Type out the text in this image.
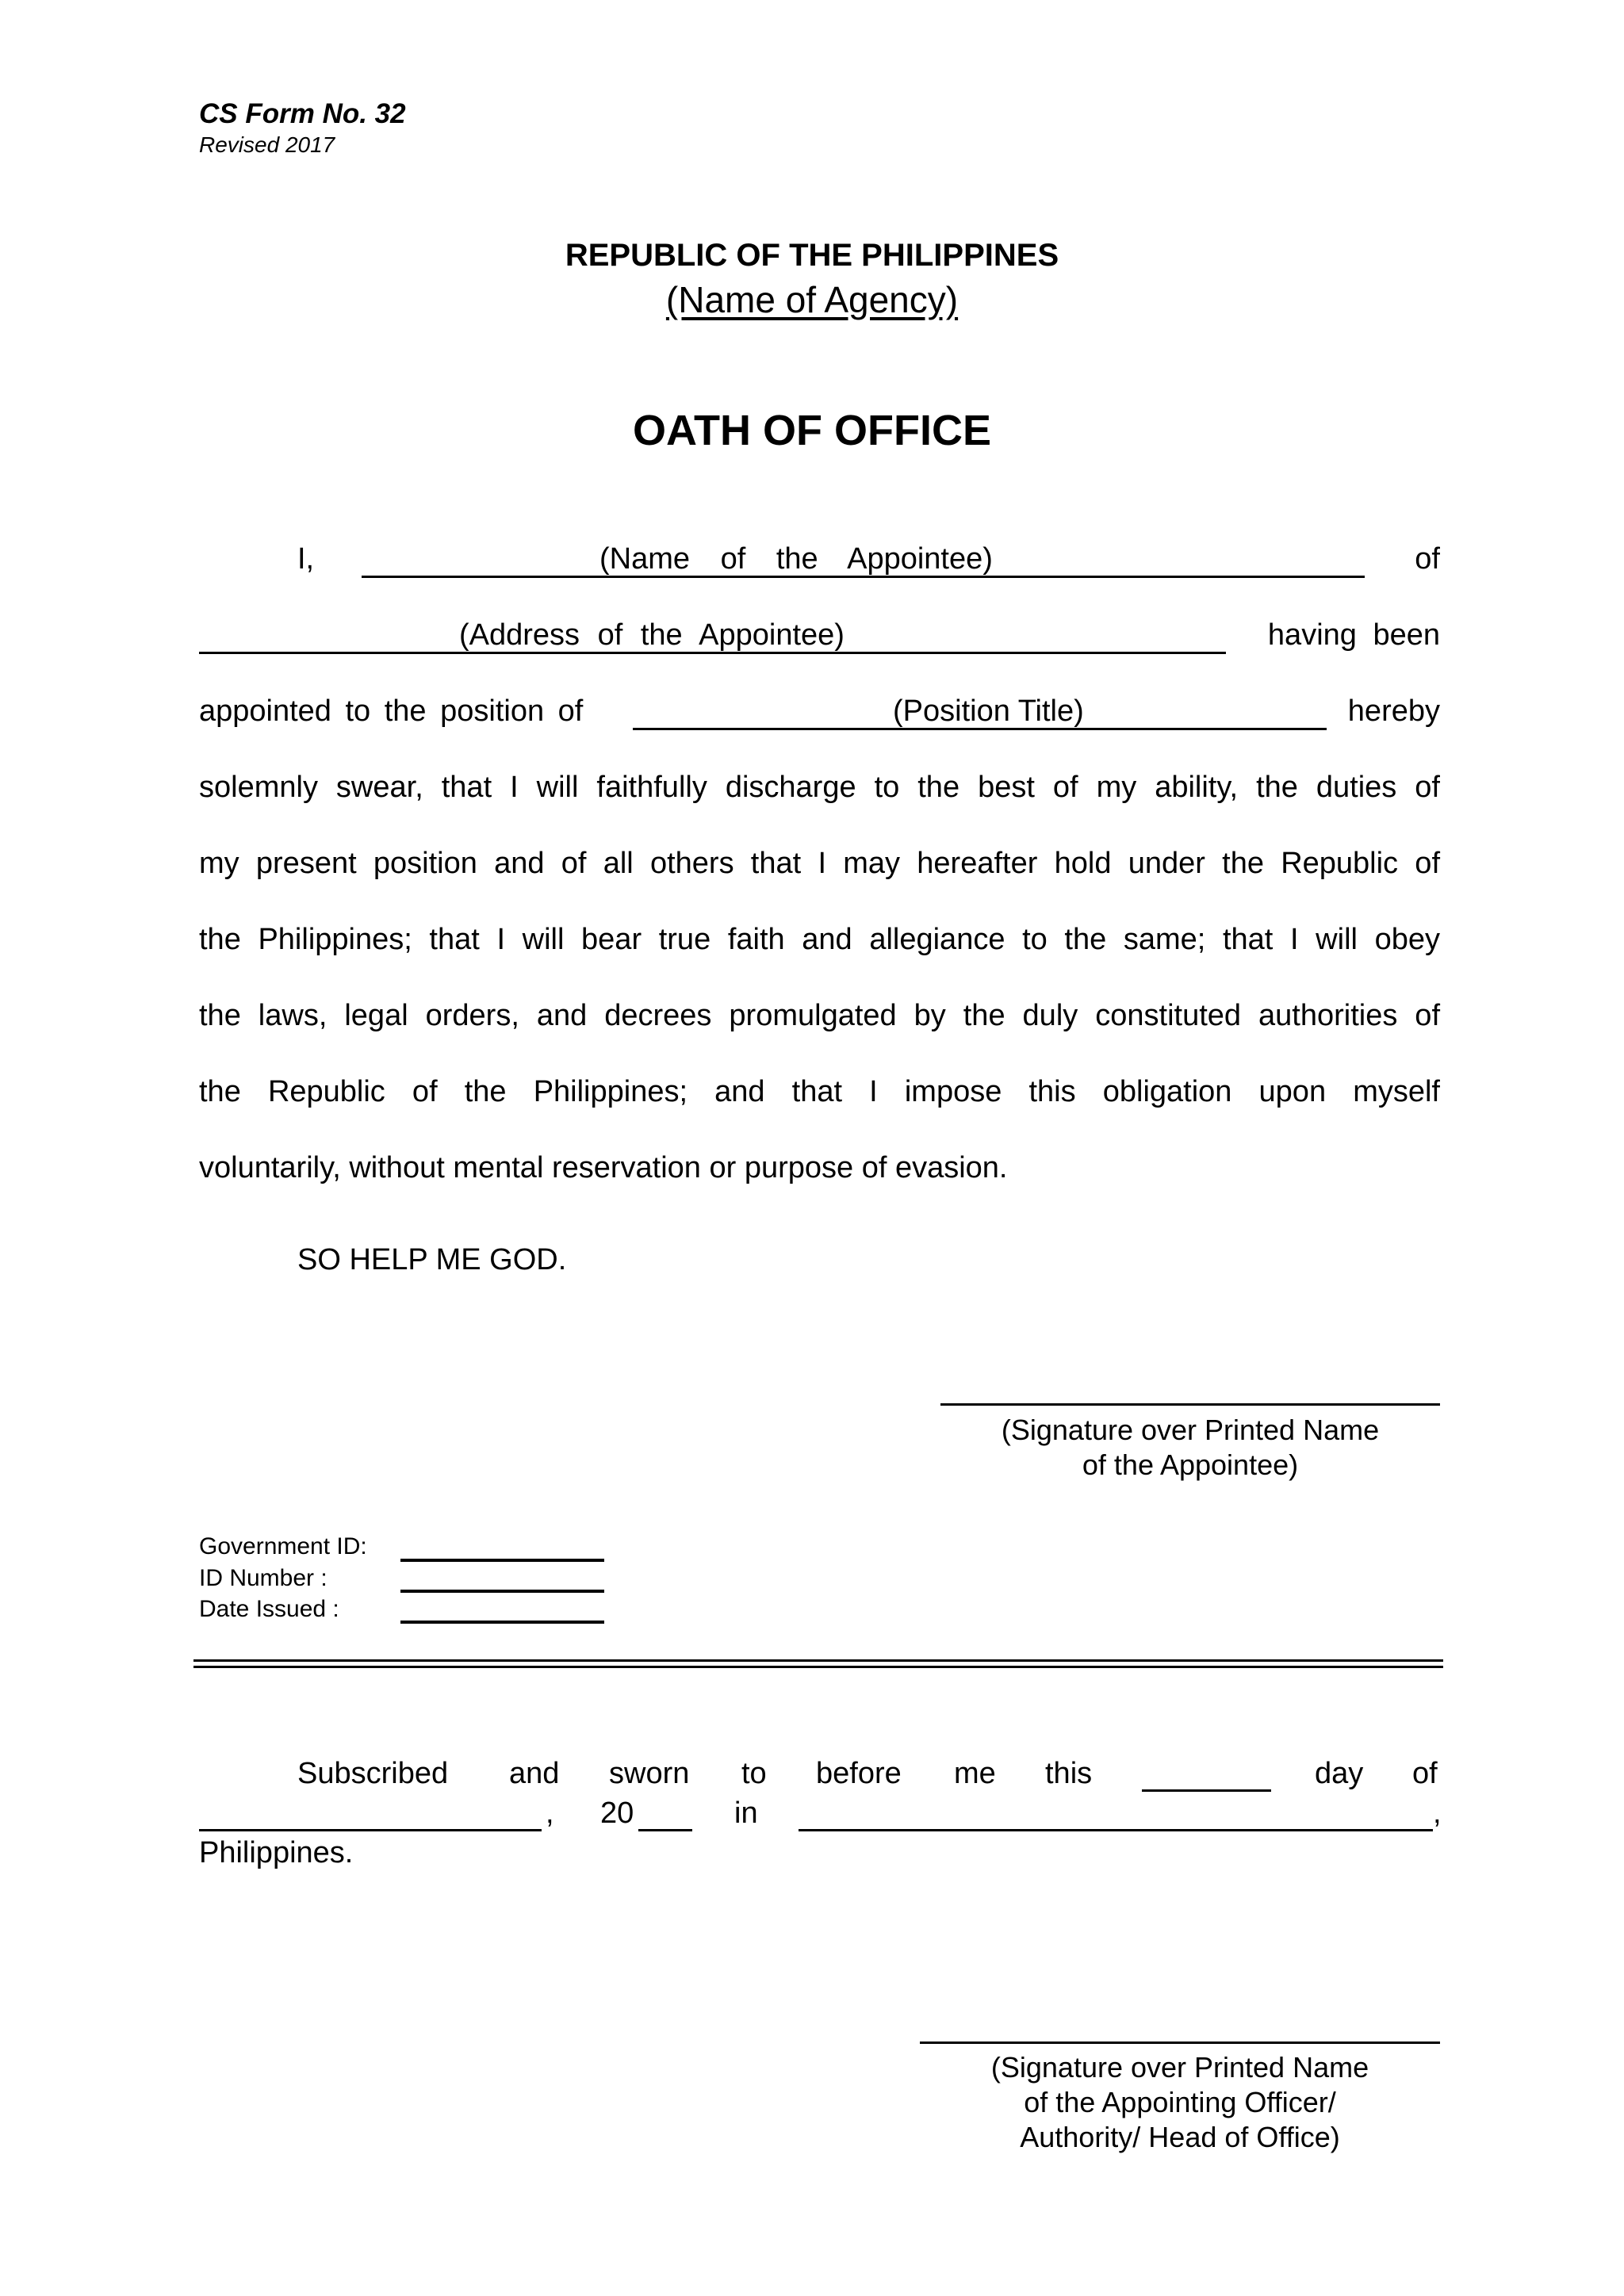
CS Form No. 32
Revised 2017
REPUBLIC OF THE PHILIPPINES
(Name of Agency)
OATH OF OFFICE
I,	(Name of the Appointee)	of
(Address of the Appointee)	having been
appointed to the position of	(Position Title)	hereby
solemnly swear, that I will faithfully discharge to the best of my ability, the duties of
my present position and of all others that I may hereafter hold under the Republic of
the Philippines; that I will bear true faith and allegiance to the same; that I will obey
the laws, legal orders, and decrees promulgated by the duly constituted authorities of
the Republic of the Philippines; and that I impose this obligation upon myself
voluntarily, without mental reservation or purpose of evasion.
SO HELP ME GOD.
(Signature over Printed Name
of the Appointee)
Government ID:
ID Number :
Date Issued :
Subscribed and sworn to before me this	day of
, 20	in	,
Philippines.
(Signature over Printed Name
of the Appointing Officer/
Authority/ Head of Office)
